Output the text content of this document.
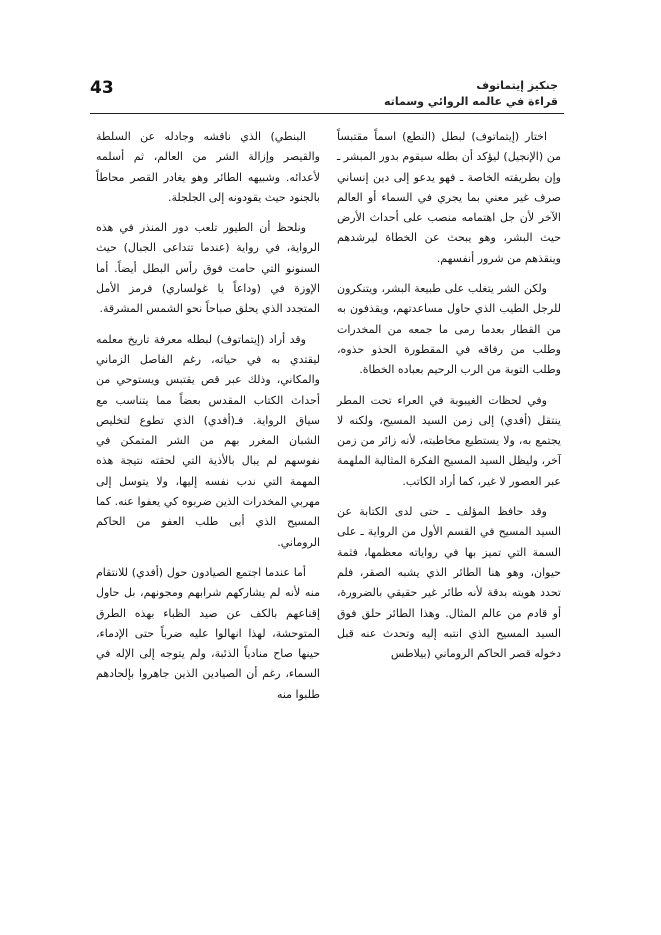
43	جنكيز إيتماتوف
قراءة في عالمه الروائي وسماته

اختار (إيتماتوف) لبطل (النطع) اسماً مقتبساً من (الإنجيل) ليؤكد أن بطله سيقوم بدور المبشر ـ وإن بطريقته الخاصة ـ فهو يدعو إلى دين إنساني صرف غير معني بما يجري في السماء أو العالم الآخر لأن جل اهتمامه منصب على أحداث الأرض حيث البشر، وهو يبحث عن الخطاة ليرشدهم وينقذهم من شرور أنفسهم.

ولكن الشر يتغلب على طبيعة البشر، ويتنكرون للرجل الطيب الذي حاول مساعدتهم، ويقذفون به من القطار بعدما رمى ما جمعه من المخدرات وطلب من رفاقه في المقطورة الحذو حذوه، وطلب التوبة من الرب الرحيم بعباده الخطاة.

وفي لحظات الغيبوبة في العراء تحت المطر ينتقل (أفدي) إلى زمن السيد المسيح، ولكنه لا يجتمع به، ولا يستطيع مخاطبته، لأنه زائر من زمن آخر، وليظل السيد المسيح الفكرة المثالية الملهمة عبر العصور لا غير، كما أراد الكاتب.

وقد حافظ المؤلف ـ حتى لدى الكتابة عن السيد المسيح في القسم الأول من الرواية ـ على السمة التي تميز بها في رواياته معظمها، فثمة حيوان، وهو هنا الطائر الذي يشبه الصقر، فلم تحدد هويته بدقة لأنه طائر غير حقيقي بالضرورة، أو قادم من عالم المثال. وهذا الطائر حلق فوق السيد المسيح الذي انتبه إليه وتحدث عنه قبل دخوله قصر الحاكم الروماني (بيلاطس

البنطي) الذي ناقشه وجادله عن السلطة والقيصر وإزالة الشر من العالم، ثم أسلمه لأعدائه. وشبيهه الطائر وهو يغادر القصر محاطاً بالجنود حيث يقودونه إلى الجلجلة.

ونلحظ أن الطيور تلعب دور المنذر في هذه الرواية، في رواية (عندما تتداعى الجبال) حيث السنونو التي حامت فوق رأس البطل أيضاً. أما الإوزة في (وداعاً يا غولساري) فرمز الأمل المتجدد الذي يحلق صباحاً نحو الشمس المشرقة.

وقد أراد (إيتماتوف) لبطله معرفة تاريخ معلمه ليقتدي به في حياته، رغم الفاصل الزماني والمكاني، وذلك عبر قص يقتبس ويستوحي من أحداث الكتاب المقدس بعضاً مما يتناسب مع سياق الرواية. فـ(أفدي) الذي تطوع لتخليص الشبان المغرر بهم من الشر المتمكن في نفوسهم لم يبال بالأذية التي لحقته نتيجة هذه المهمة التي ندب نفسه إليها، ولا يتوسل إلى مهربي المخدرات الذين ضربوه كي يعفوا عنه. كما المسيح الذي أبى طلب العفو من الحاكم الروماني.

أما عندما اجتمع الصيادون حول (أفدي) للانتقام منه لأنه لم يشاركهم شرابهم ومجونهم، بل حاول إقناعهم بالكف عن صيد الظباء بهذه الطرق المتوحشة، لهذا انهالوا عليه ضرباً حتى الإدماء، حينها صاح منادياً الذئبة، ولم يتوجه إلى الإله في السماء، رغم أن الصيادين الذين جاهروا بإلحادهم طلبوا منه
